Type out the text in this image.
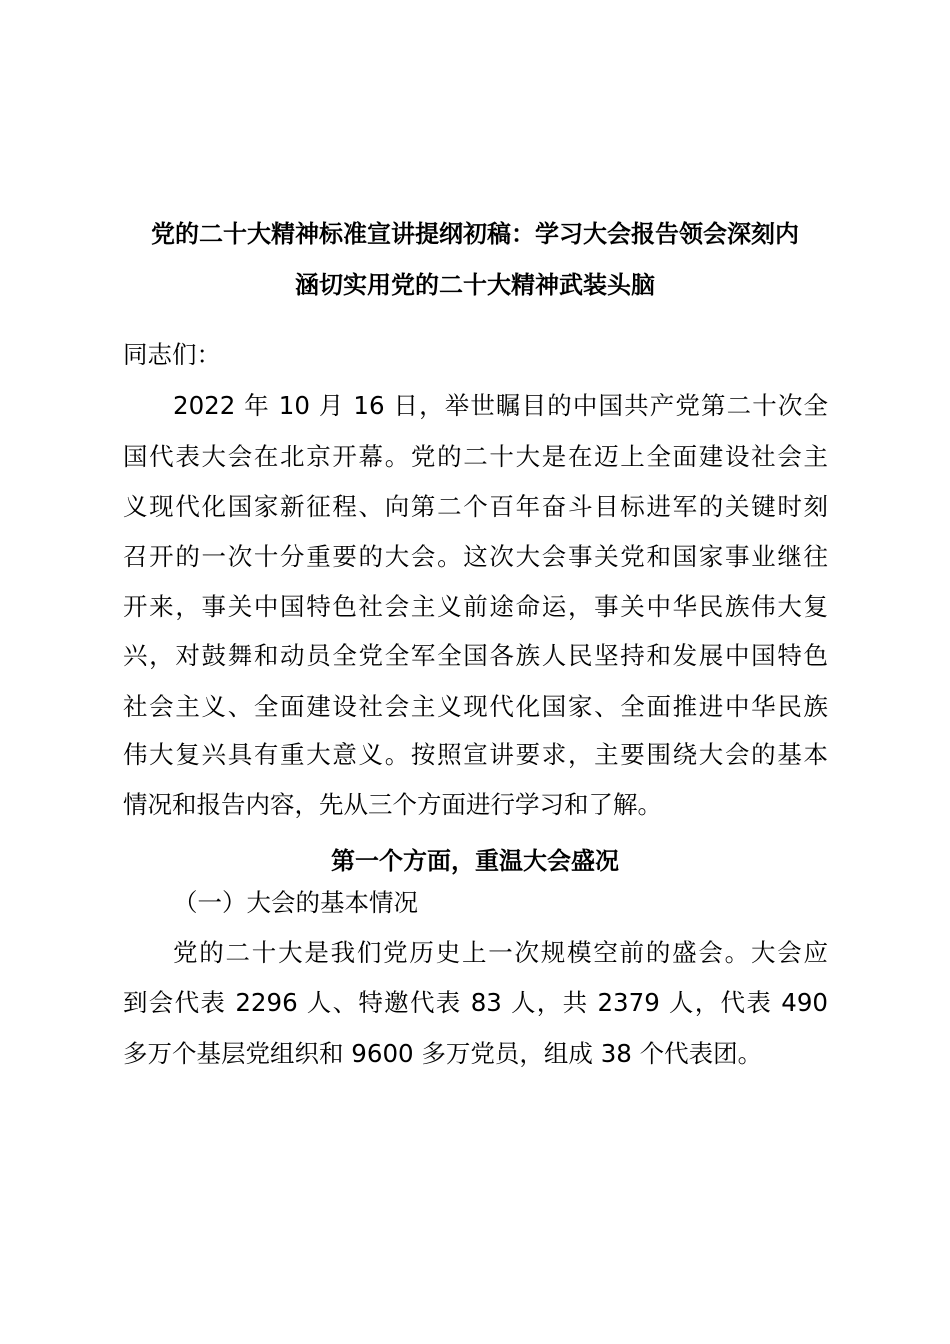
党的二十大精神标准宣讲提纲初稿：学习大会报告领会深刻内

涵切实用党的二十大精神武装头脑

同志们：

2022 年 10 月 16 日，举世瞩目的中国共产党第二十次全

国代表大会在北京开幕。党的二十大是在迈上全面建设社会主

义现代化国家新征程、向第二个百年奋斗目标进军的关键时刻

召开的一次十分重要的大会。这次大会事关党和国家事业继往

开来，事关中国特色社会主义前途命运，事关中华民族伟大复

兴，对鼓舞和动员全党全军全国各族人民坚持和发展中国特色

社会主义、全面建设社会主义现代化国家、全面推进中华民族

伟大复兴具有重大意义。按照宣讲要求，主要围绕大会的基本

情况和报告内容，先从三个方面进行学习和了解。

第一个方面，重温大会盛况

（一）大会的基本情况

党的二十大是我们党历史上一次规模空前的盛会。大会应

到会代表 2296 人、特邀代表 83 人，共 2379 人，代表 490

多万个基层党组织和 9600 多万党员，组成 38 个代表团。
